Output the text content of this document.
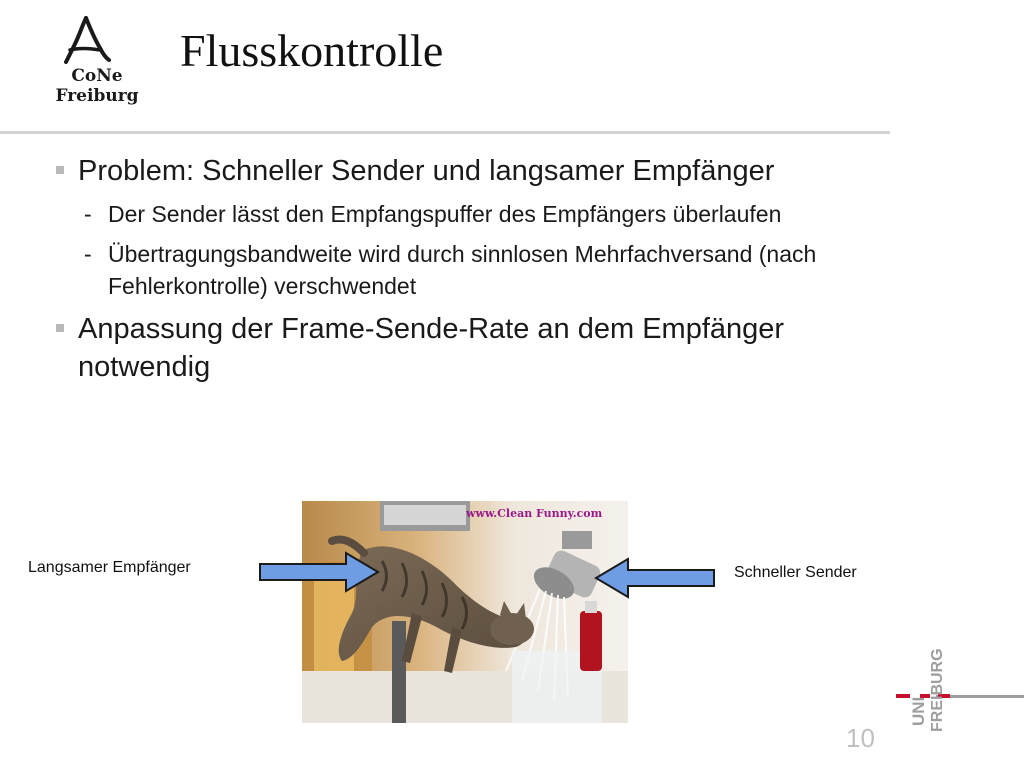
CoNe
Freiburg
Flusskontrolle

Problem: Schneller Sender und langsamer Empfänger

- Der Sender lässt den Empfangspuffer des Empfängers überlaufen

- Übertragungsbandweite wird durch sinnlosen Mehrfachversand (nach Fehlerkontrolle) verschwendet

Anpassung der Frame-Sende-Rate an dem Empfänger notwendig

www.Clean Funny.com
Langsamer Empfänger	Schneller Sender
10
UNI FREIBURG
